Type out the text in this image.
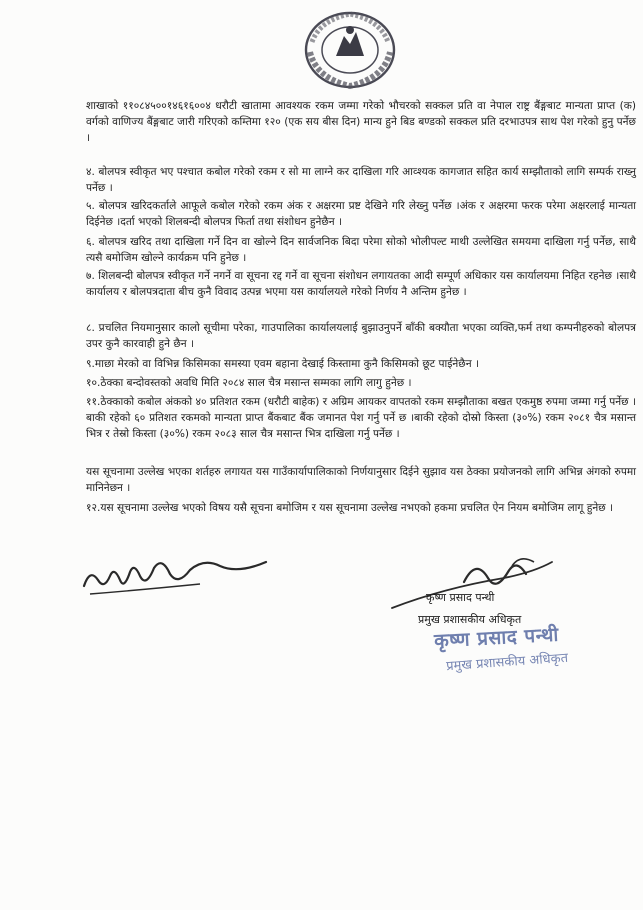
शाखाको ११०८४५००१४६१६००४ धरौटी खातामा आवश्यक रकम जम्मा गरेको भौचरको सक्कल प्रति वा नेपाल राष्ट्र बैंङ्गबाट मान्यता प्राप्त (क) वर्गको वाणिज्य बैंङ्गबाट जारी गरिएको कम्तिमा १२० (एक सय बीस दिन) मान्य हुने बिड बण्डको सक्कल प्रति दरभाउपत्र साथ पेश गरेको हुनु पर्नेछ ।

४. बोलपत्र स्वीकृत भए पश्चात कबोल गरेको रकम र सो मा लाग्ने कर दाखिला गरि आव्श्यक कागजात सहित कार्य सम्झौताको लागि सम्पर्क राख्नु पर्नेछ ।

५. बोलपत्र खरिदकर्ताले आफूले कबोल गरेको रकम अंक र अक्षरमा प्रष्ट देखिने गरि लेख्नु पर्नेछ ।अंक र अक्षरमा फरक परेमा अक्षरलाई मान्यता दिईनेछ ।दर्ता भएको शिलबन्दी बोलपत्र फिर्ता तथा संशोधन हुनेछैन ।

६. बोलपत्र खरिद तथा दाखिला गर्ने दिन वा खोल्ने दिन सार्वजनिक बिदा परेमा सोको भोलीपल्ट माथी उल्लेखित समयमा दाखिला गर्नु पर्नेछ, साथै त्यसै बमोजिम खोल्ने कार्यक्रम पनि हुनेछ ।

७. शिलबन्दी बोलपत्र स्वीकृत गर्ने नगर्ने वा सूचना रद्द गर्ने वा सूचना संशोधन लगायतका आदी सम्पूर्ण अधिकार यस कार्यालयमा निहित रहनेछ ।साथै कार्यालय र बोलपत्रदाता बीच कुनै विवाद उत्पन्न भएमा यस कार्यालयले गरेको निर्णय नै अन्तिम हुनेछ ।

८. प्रचलित नियमानुसार कालो सूचीमा परेका, गाउपालिका कार्यालयलाई बुझाउनुपर्ने बाँकी बक्यौता भएका व्यक्ति,फर्म तथा कम्पनीहरुको बोलपत्र उपर कुनै कारवाही हुने छैन ।

९.माछा मेरको वा विभिन्न किसिमका समस्या एवम बहाना देखाई किस्तामा कुनै किसिमको छूट पाईनेछैन ।

१०.ठेक्का बन्दोवस्तको अवधि मिति २०८४ साल चैत्र मसान्त सम्मका लागि लागु हुनेछ ।

११.ठेक्काको कबोल अंकको ४० प्रतिशत रकम (धरौटी बाहेक) र अग्रिम आयकर वापतको रकम सम्झौताका बखत एकमुष्ठ रुपमा जम्मा गर्नु पर्नेछ ।बाकी रहेको ६० प्रतिशत रकमको मान्यता प्राप्त बैंकबाट बैंक जमानत पेश गर्नु पर्ने छ ।बाकी रहेको दोस्रो किस्ता (३०%) रकम २०८१ चैत्र मसान्त भित्र र तेस्रो किस्ता (३०%) रकम २०८३ साल चैत्र मसान्त भित्र दाखिला गर्नु पर्नेछ ।

यस सूचनामा उल्लेख भएका शर्तहरु लगायत यस गाउँकार्यापालिकाको निर्णयानुसार दिईने सुझाव यस ठेक्का प्रयोजनको लागि अभिन्न अंगको रुपमा मानिनेछन ।

१२.यस सूचनामा उल्लेख भएको विषय यसै सूचना बमोजिम र यस सूचनामा उल्लेख नभएको हकमा प्रचलित ऐन नियम बमोजिम लागू हुनेछ ।

कृष्ण प्रसाद पन्थी
प्रमुख प्रशासकीय अधिकृत
कृष्ण प्रसाद पन्थी
प्रमुख प्रशासकीय अधिकृत
